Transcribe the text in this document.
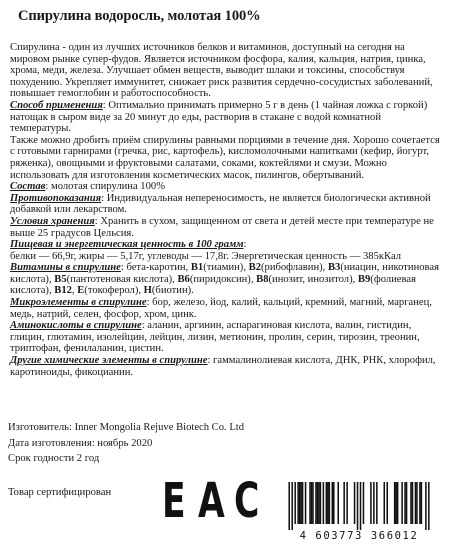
Спирулина водоросль, молотая 100%

Спирулина - один из лучших источников белков и витаминов, доступный на сегодня на мировом рынке супер-фудов. Является источником фосфора, калия, кальция, натрия, цинка, хрома, меди, железа. Улучшает обмен веществ, выводит шлаки и токсины, способствуя похудению. Укрепляет иммунитет, снижает риск развития сердечно-сосудистых заболеваний, повышает гемоглобин и работоспособность.

Способ применения: Оптимально принимать примерно 5 г в день (1 чайная ложка с горкой) натощак в сыром виде за 20 минут до еды, растворив в стакане с водой комнатной температуры.

Также можно дробить приём спирулины равными порциями в течение дня. Хорошо сочетается с готовыми гарнирами (гречка, рис, картофель), кисломолочными напитками (кефир, йогурт, ряженка), овощными и фруктовыми салатами, соками, коктейлями и смузи. Можно использовать для изготовления косметических масок, пилингов, обертываний.

Состав: молотая спирулина 100%

Противопоказания: Индивидуальная непереносимость, не является биологически активной добавкой или лекарством.

Условия хранения: Хранить в сухом, защищенном от света и детей месте при температуре не выше 25 градусов Цельсия.

Пищевая и энергетическая ценность в 100 грамм:
белки — 66,9г, жиры — 5,17г, углеводы — 17,8г. Энергетическая ценность — 385кКал

Витамины в спирулине: бета-каротин, B1(тиамин), B2(рибофлавин), B3(ниацин, никотиновая кислота), B5(пантотеновая кислота), B6(пиридоксин), B8(инозит, инозитол), B9(фолиевая кислота), B12, E(токоферол), H(биотин).

Микроэлементы в спирулине: бор, железо, йод, калий, кальций, кремний, магний, марганец, медь, натрий, селен, фосфор, хром, цинк.

Аминокислоты в спирулине: аланин, аргинин, аспарагиновая кислота, валин, гистидин, глицин, глютамин, изолейцин, лейцин, лизин, метионин, пролин, серин, тирозин, треонин, триптофан, фенилаланин, цистин.

Другие химические элементы в спирулине: гаммалинолиевая кислота, ДНК, РНК, хлорофил, каротиноиды, фикоцианин.

Изготовитель: Inner Mongolia Rejuve Biotech Co. Ltd
Дата изготовления: ноябрь 2020
Срок годности 2 год
Товар сертифицирован	E A C
4 603773 366012
